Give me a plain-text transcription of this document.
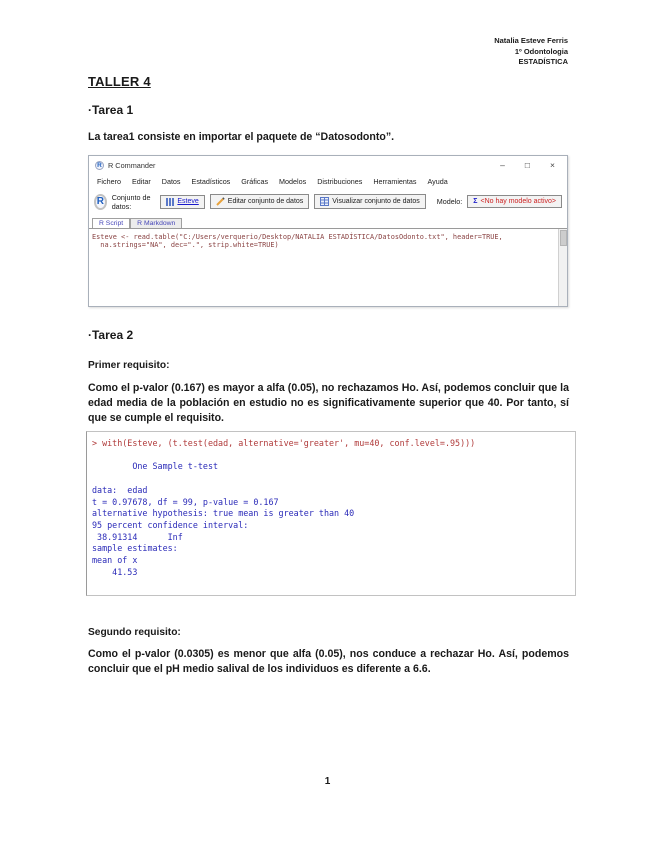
Natalia Esteve Ferris
1º Odontologia
ESTADÍSTICA
TALLER 4
·Tarea 1
La tarea1 consiste en importar el paquete de “Datosodonto”.
R R Commander	–	□	×
Fichero Editar Datos Estadísticos Gráficas Modelos Distribuciones Herramientas Ayuda
R	Conjunto de datos:	Esteve	Editar conjunto de datos	Visualizar conjunto de datos Modelo: Σ <No hay modelo activo>
R Script	R Markdown
Esteve <- read.table("C:/Users/verquerio/Desktop/NATALIA ESTADÍSTICA/DatosOdonto.txt", header=TRUE,
na.strings="NA", dec=".", strip.white=TRUE)
·Tarea 2
Primer requisito:
Como el p-valor (0.167) es mayor a alfa (0.05), no rechazamos Ho. Así, podemos concluir que la edad media de la población en estudio no es significativamente superior que 40. Por tanto, sí que se cumple el requisito.
> with(Esteve, (t.test(edad, alternative='greater', mu=40, conf.level=.95)))

One Sample t-test

data:  edad
t = 0.97678, df = 99, p-value = 0.167
alternative hypothesis: true mean is greater than 40
95 percent confidence interval:
38.91314      Inf
sample estimates:
mean of x
41.53
Segundo requisito:
Como el p-valor (0.0305) es menor que alfa (0.05), nos conduce a rechazar Ho. Así, podemos concluir que el pH medio salival de los individuos es diferente a 6.6.
1
